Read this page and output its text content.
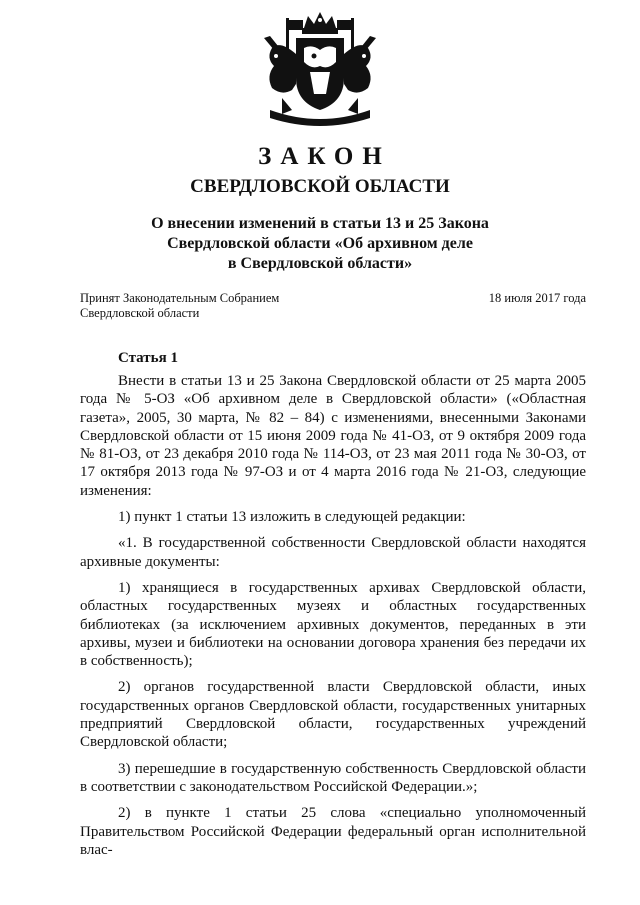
ЗАКОН
СВЕРДЛОВСКОЙ ОБЛАСТИ
О внесении изменений в статьи 13 и 25 Закона
Свердловской области «Об архивном деле
в Свердловской области»
Принят Законодательным Собранием
Свердловской области
18 июля 2017 года
Статья 1

Внести в статьи 13 и 25 Закона Свердловской области от 25 марта 2005 года № 5-ОЗ «Об архивном деле в Свердловской области» («Областная газета», 2005, 30 марта, № 82 – 84) с изменениями, внесенными Законами Свердловской области от 15 июня 2009 года № 41-ОЗ, от 9 октября 2009 года № 81-ОЗ, от 23 декабря 2010 года № 114-ОЗ, от 23 мая 2011 года № 30-ОЗ, от 17 октября 2013 года № 97-ОЗ и от 4 марта 2016 года № 21-ОЗ, следующие изменения:

1) пункт 1 статьи 13 изложить в следующей редакции:

«1. В государственной собственности Свердловской области находятся архивные документы:

1) хранящиеся в государственных архивах Свердловской области, областных государственных музеях и областных государственных библиотеках (за исключением архивных документов, переданных в эти архивы, музеи и библиотеки на основании договора хранения без передачи их в собственность);

2) органов государственной власти Свердловской области, иных государственных органов Свердловской области, государственных унитарных предприятий Свердловской области, государственных учреждений Свердловской области;

3) перешедшие в государственную собственность Свердловской области в соответствии с законодательством Российской Федерации.»;

2) в пункте 1 статьи 25 слова «специально уполномоченный Правительством Российской Федерации федеральный орган исполнительной влас-
